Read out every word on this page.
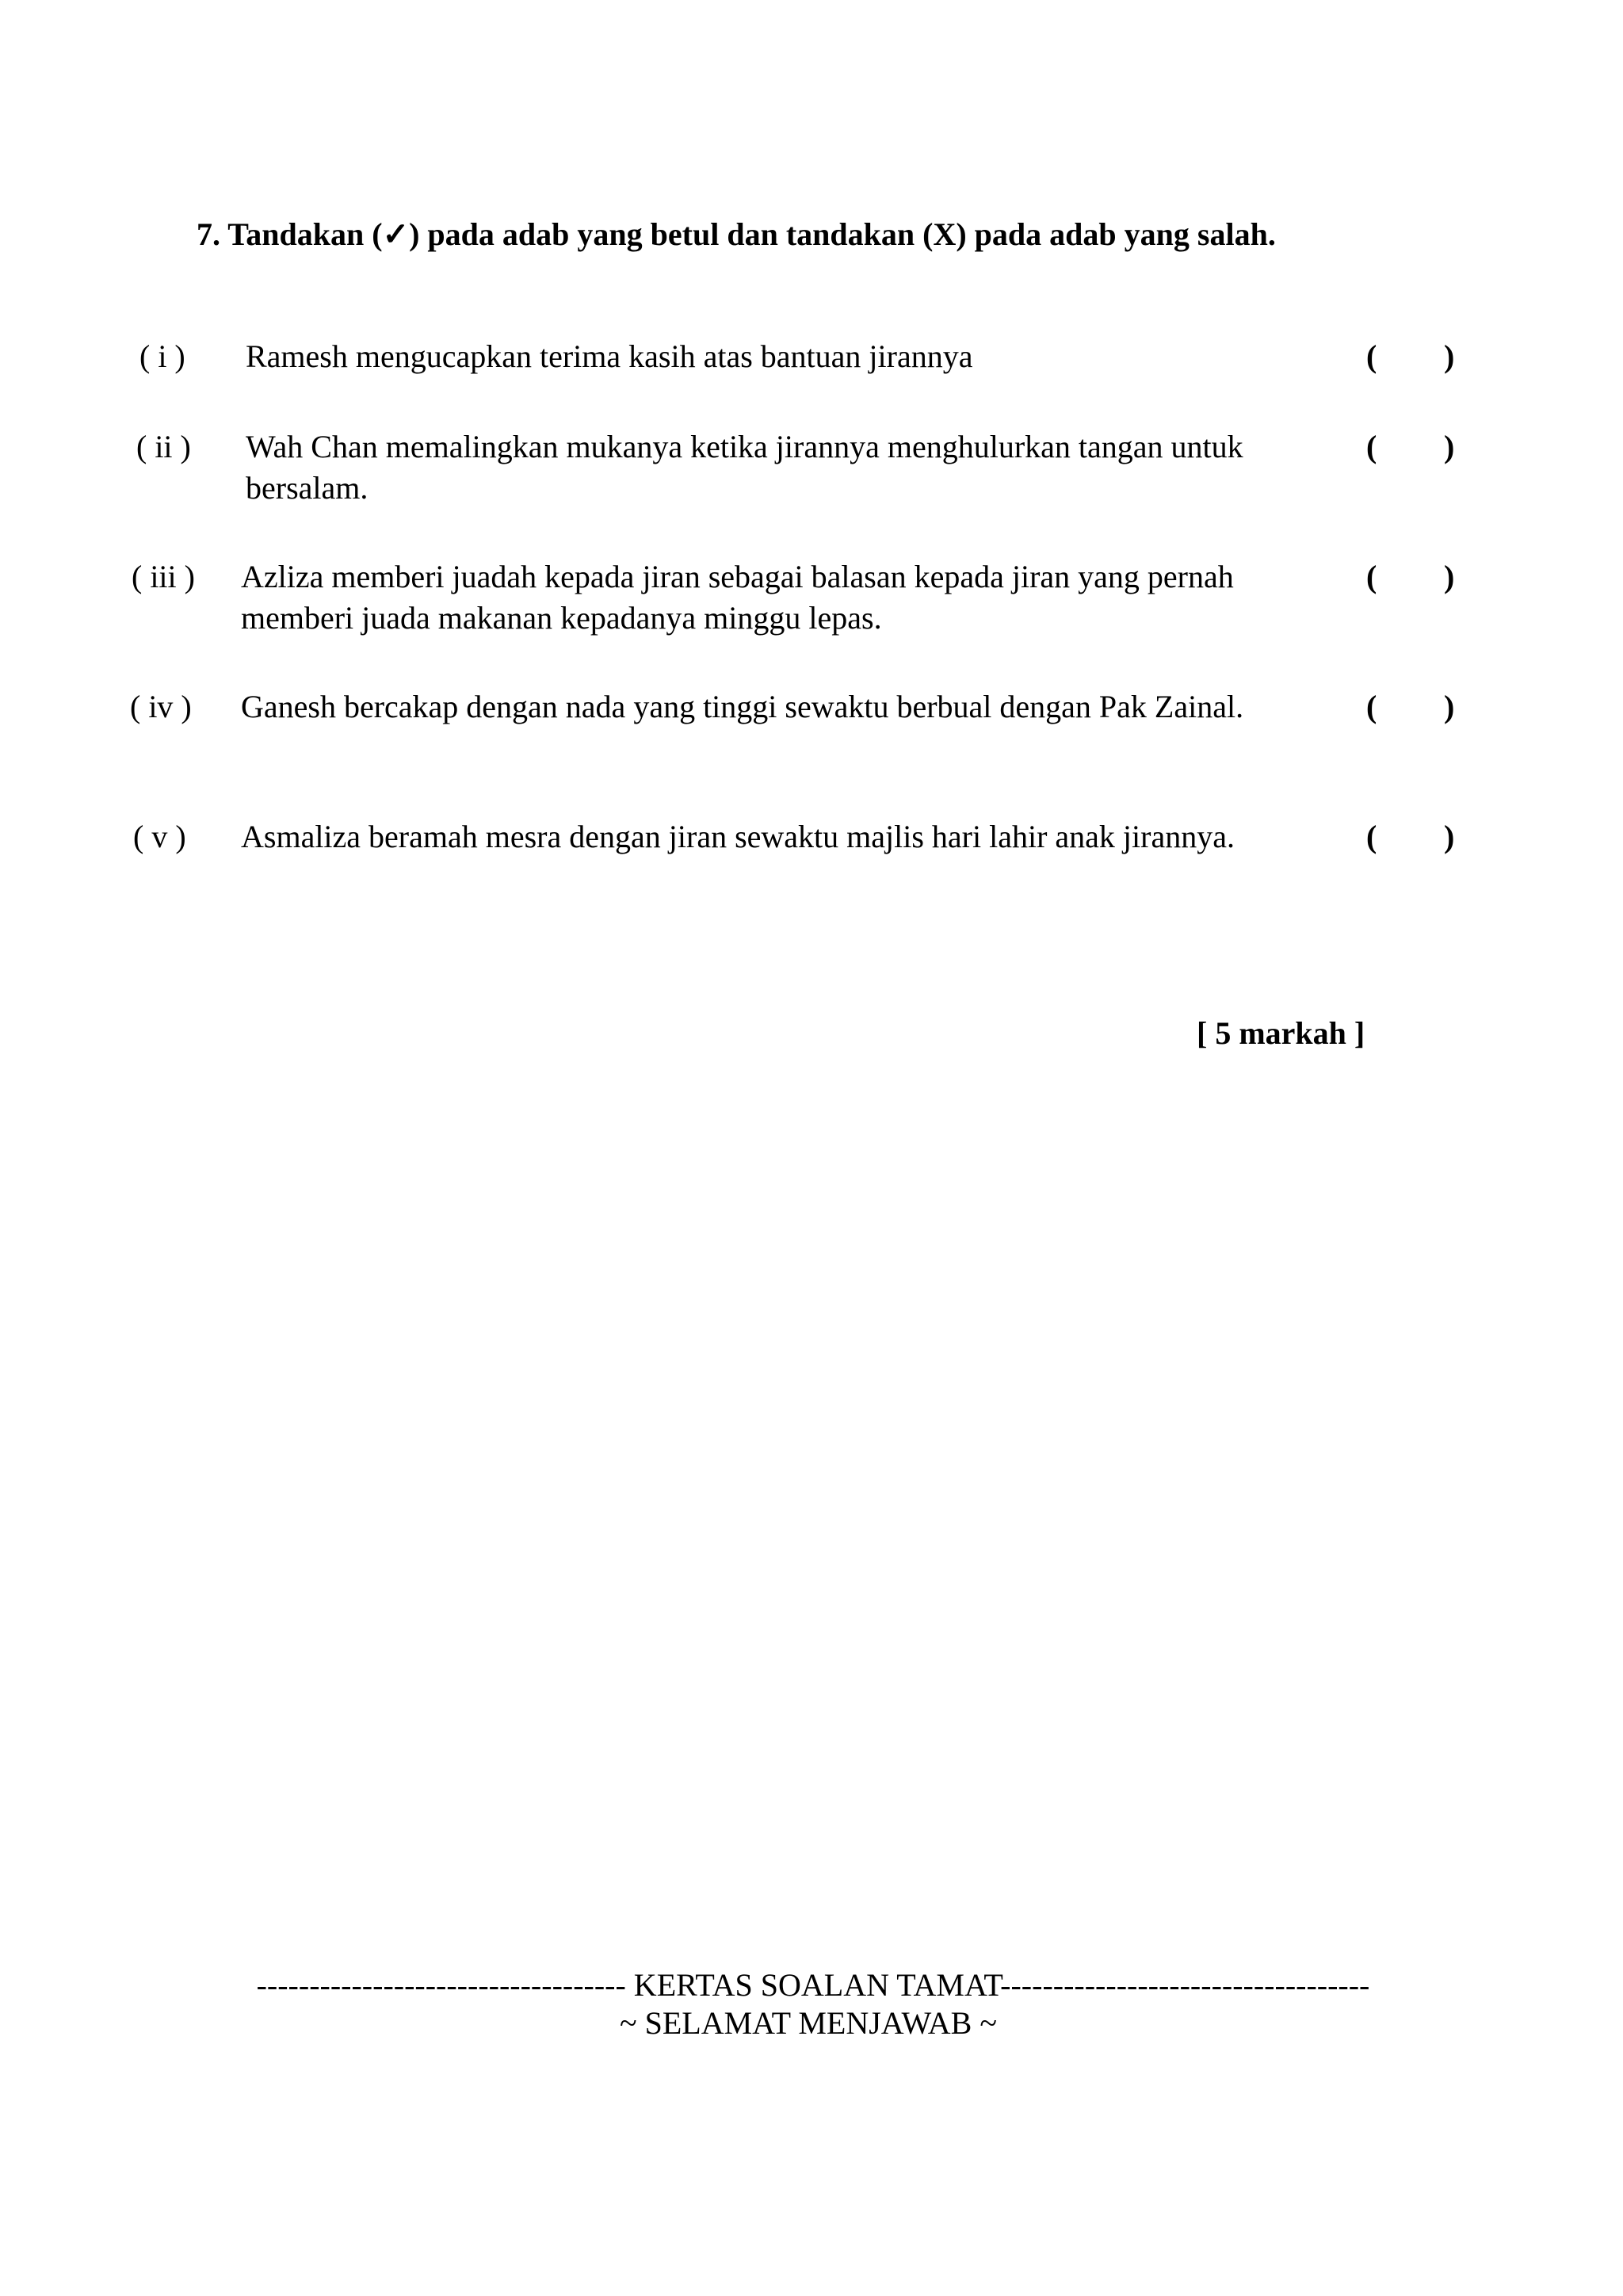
7. Tandakan (✓) pada adab yang betul dan tandakan (X) pada adab yang salah.
( i ) Ramesh mengucapkan terima kasih atas bantuan jirannya	( )
( ii ) Wah Chan memalingkan mukanya ketika jirannya menghulurkan tangan untuk
bersalam.
( )
( iii ) Azliza memberi juadah kepada jiran sebagai balasan kepada jiran yang pernah
memberi juada makanan kepadanya minggu lepas.
( )
( iv ) Ganesh bercakap dengan nada yang tinggi sewaktu berbual dengan Pak Zainal.	( )
( v ) Asmaliza beramah mesra dengan jiran sewaktu majlis hari lahir anak jirannya.	( )
[ 5 markah ]
----------------------------------- KERTAS SOALAN TAMAT-----------------------------------
~ SELAMAT MENJAWAB ~
